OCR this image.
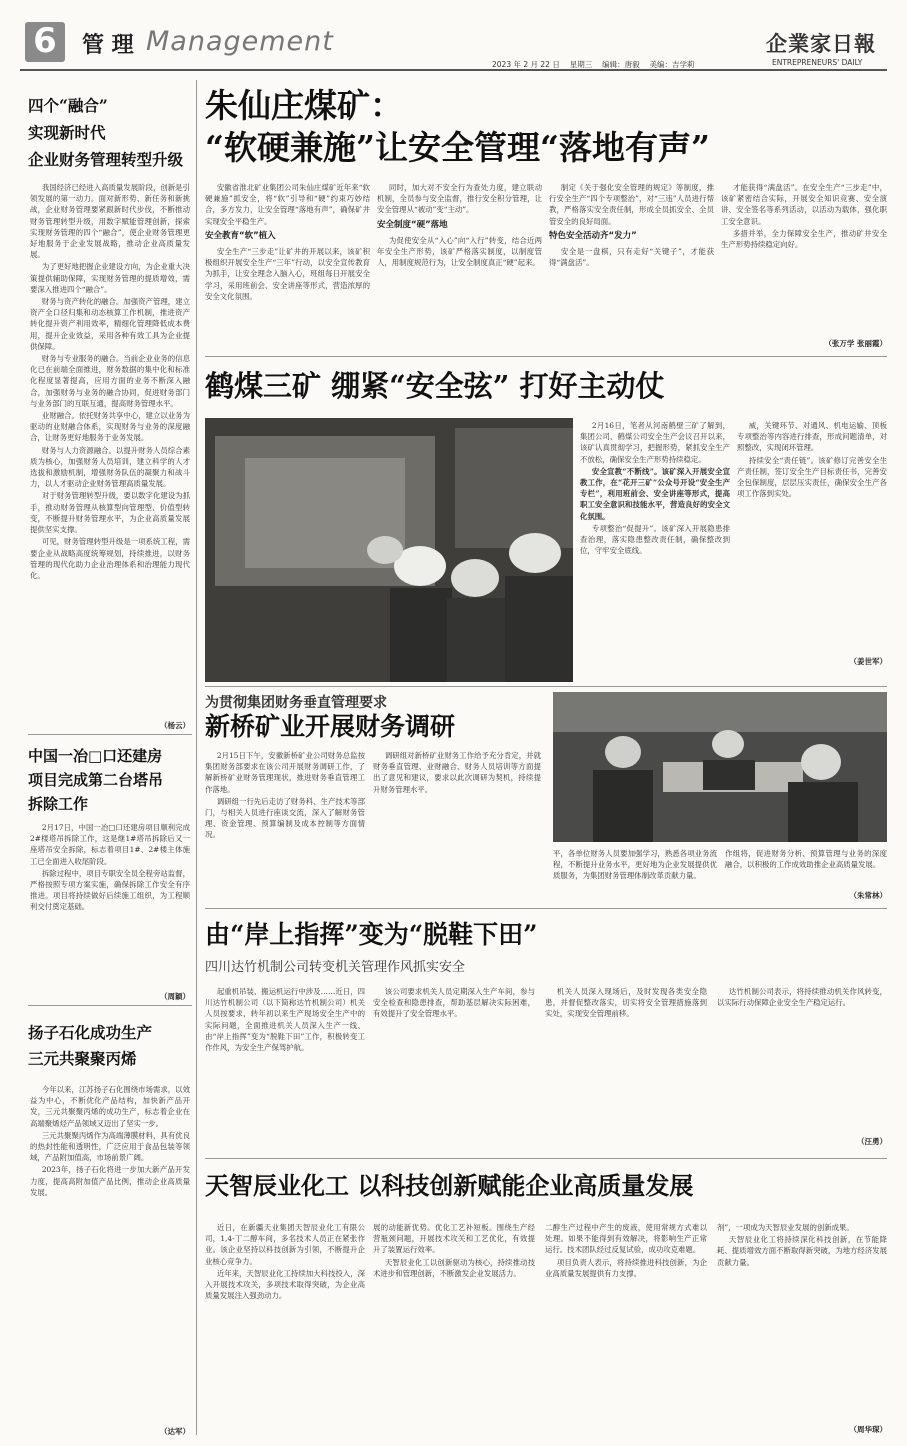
6 管 理 Management	企業家日報
2023 年 2 月 22 日 　星期三 　编辑：唐毅 　美编：吉学莉	ENTREPRENEURS' DAILY
四个“融合”
实现新时代
企业财务管理转型升级

我国经济已经进入高质量发展阶段，创新是引领发展的第一动力。面对新形势、新任务和新挑战，企业财务管理要紧跟新时代步伐，不断推动财务管理转型升级，用数字赋能管理创新，探索实现财务管理的四个“融合”，使企业财务管理更好地服务于企业发展战略，推动企业高质量发展。

为了更好地把握企业建设方向，为企业重大决策提供辅助保障，实现财务管理的提质增效，需要深入推进四个“融合”。

财务与资产转化的融合。加强资产管理，建立资产全口径归集和动态核算工作机制，推进资产转化提升资产利用效率，精细化管理降低成本费用，提升企业效益，采用各种有效工具为企业提供保障。

财务与专业服务的融合。当前企业业务的信息化已在前端全面推进，财务数据的集中化和标准化程度显著提高，应用方面的业务不断深入融合，加强财务与业务的融合协同，促进财务部门与业务部门的互联互通，提高财务管理水平。

业财融合。依托财务共享中心，建立以业务为驱动的业财融合体系，实现财务与业务的深度融合，让财务更好地服务于业务发展。

财务与人力资源融合。以提升财务人员综合素质为核心，加强财务人员培训，建立科学的人才选拔和激励机制，增强财务队伍的凝聚力和战斗力，以人才驱动企业财务管理高质量发展。

对于财务管理转型升级，要以数字化建设为抓手，推动财务管理从核算型向管理型、价值型转变，不断提升财务管理水平，为企业高质量发展提供坚实支撑。

可见，财务管理转型升级是一项系统工程，需要企业从战略高度统筹规划，持续推进，以财务管理的现代化助力企业治理体系和治理能力现代化。

（杨云）
中国一冶□口还建房
项目完成第二台塔吊
拆除工作

2月17日，中国一冶□口还建房项目顺利完成2#楼塔吊拆除工作，这是继1#塔吊拆除后又一座塔吊安全拆除，标志着项目1#、2#楼主体施工已全面进入收尾阶段。

拆除过程中，项目专职安全员全程旁站监督，严格按照专项方案实施，确保拆除工作安全有序推进。项目将持续做好后续施工组织，为工程顺利交付奠定基础。

（周颖）
扬子石化成功生产
三元共聚聚丙烯

今年以来，江苏扬子石化围绕市场需求，以效益为中心，不断优化产品结构，加快新产品开发，三元共聚聚丙烯的成功生产，标志着企业在高端聚烯烃产品领域又迈出了坚实一步。

三元共聚聚丙烯作为高端薄膜材料，具有优良的热封性能和透明性，广泛应用于食品包装等领域，产品附加值高，市场前景广阔。

2023年，扬子石化将进一步加大新产品开发力度，提高高附加值产品比例，推动企业高质量发展。

（达军）
朱仙庄煤矿：
“软硬兼施”让安全管理“落地有声”

安徽省淮北矿业集团公司朱仙庄煤矿近年来“软硬兼施”抓安全，将“软”引导和“硬”约束巧妙结合，多方发力，让安全管理“落地有声”，确保矿井实现安全平稳生产。

安全教育“软”植入

安全生产“三步走”让矿井的开展以来，该矿积极组织开展安全生产“三年”行动，以安全宣传教育为抓手，让安全理念入脑入心，班组每日开展安全学习，采用班前会、安全讲座等形式，营造浓厚的安全文化氛围。

同时，加大对不安全行为查处力度，建立联动机制，全员参与安全监督，推行安全积分管理，让安全管理从“被动”变“主动”。

安全制度“硬”落地

为促使安全从“入心”向“入行”转变，结合近两年安全生产形势，该矿严格落实制度，以制度管人，用制度规范行为，让安全制度真正“硬”起来。

制定《关于强化安全管理的规定》等制度，推行安全生产“四个专项整治”，对“三违”人员进行帮教，严格落实安全责任制，形成全员抓安全、全员管安全的良好局面。

特色安全活动齐“发力”

安全是一盘棋，只有走好“关键子”，才能获得“满盘活”。

才能获得“满盘活”。在安全生产“三步走”中，该矿紧密结合实际，开展安全知识竞赛、安全演讲、安全签名等系列活动，以活动为载体，强化职工安全意识。

多措并举，全力保障安全生产，推动矿井安全生产形势持续稳定向好。

（张万学 张丽霞）
鹤煤三矿 绷紧“安全弦” 打好主动仗

2月16日，笔者从河南鹤壁三矿了解到，集团公司、鹤煤公司安全生产会议召开以来，该矿认真贯彻学习，把握形势，紧抓安全生产不放松，确保安全生产形势持续稳定。

安全宣教“不断线”。该矿深入开展安全宣教工作，在“花开三矿”公众号开设“安全生产专栏”，利用班前会、安全讲座等形式，提高职工安全意识和技能水平，营造良好的安全文化氛围。

专项整治“促提升”。该矿深入开展隐患排查治理，落实隐患整改责任制，确保整改到位，守牢安全底线。

威，关键环节、对通风、机电运输、顶板专项整治等内容进行排查，形成问题清单，对照整改，实现闭环管理。

持续安全“责任链”。该矿修订完善安全生产责任制，签订安全生产目标责任书，完善安全包保制度，层层压实责任，确保安全生产各项工作落到实处。

（姜世军）
为贯彻集团财务垂直管理要求
新桥矿业开展财务调研

2月15日下午，安徽新桥矿业公司财务总监按集团财务部要求在该公司开展财务调研工作，了解新桥矿业财务管理现状，推进财务垂直管理工作落地。

调研组一行先后走访了财务科、生产技术等部门，与相关人员进行座谈交流，深入了解财务管理、资金管理、预算编制及成本控制等方面情况。

调研组对新桥矿业财务工作给予充分肯定，并就财务垂直管理、业财融合、财务人员培训等方面提出了意见和建议，要求以此次调研为契机，持续提升财务管理水平。

平，各单位财务人员要加强学习，熟悉各项业务流程，不断提升业务水平，更好地为企业发展提供优质服务，为集团财务管理体制改革贡献力量。

作组将，促进财务分析、预算管理与业务的深度融合，以积极的工作成效助推企业高质量发展。

（朱常林）
由“岸上指挥”变为“脱鞋下田”
四川达竹机制公司转变机关管理作风抓实安全

起重机吊装、搬运机运行中涉及……近日，四川达竹机制公司（以下简称达竹机制公司）机关人员按要求，转年初以来生产现场安全生产中的实际问题，全面推进机关人员深入生产一线、由“岸上指挥”变为“脱鞋下田”工作，积极转变工作作风，为安全生产保驾护航。

该公司要求机关人员定期深入生产车间，参与安全检查和隐患排查，帮助基层解决实际困难，有效提升了安全管理水平。

机关人员深入现场后，及时发现各类安全隐患，并督促整改落实，切实将安全管理措施落到实处，实现安全管理前移。

达竹机制公司表示，将持续推动机关作风转变，以实际行动保障企业安全生产稳定运行。

（汪勇）
天智辰业化工 以科技创新赋能企业高质量发展

近日，在新疆天业集团天智辰业化工有限公司，1,4-丁二醇车间，多名技术人员正在紧张作业。该企业坚持以科技创新为引领，不断提升企业核心竞争力。

近年来，天智辰业化工持续加大科技投入，深入开展技术攻关，多项技术取得突破，为企业高质量发展注入强劲动力。

展的动能新优势。优化工艺补短板。围绕生产经营瓶颈问题，开展技术攻关和工艺优化，有效提升了装置运行效率。

天智辰业化工以创新驱动为核心，持续推动技术进步和管理创新，不断激发企业发展活力。

二醇生产过程中产生的废液，使用常规方式难以处理。如果不能得到有效解决，将影响生产正常运行。技术团队经过反复试验，成功攻克难题。

项目负责人表示，将持续推进科技创新，为企业高质量发展提供有力支撑。

剂”，一项成为天智辰业发展的创新成果。

天智辰业化工将持续深化科技创新，在节能降耗、提质增效方面不断取得新突破，为地方经济发展贡献力量。

（周华琛）
